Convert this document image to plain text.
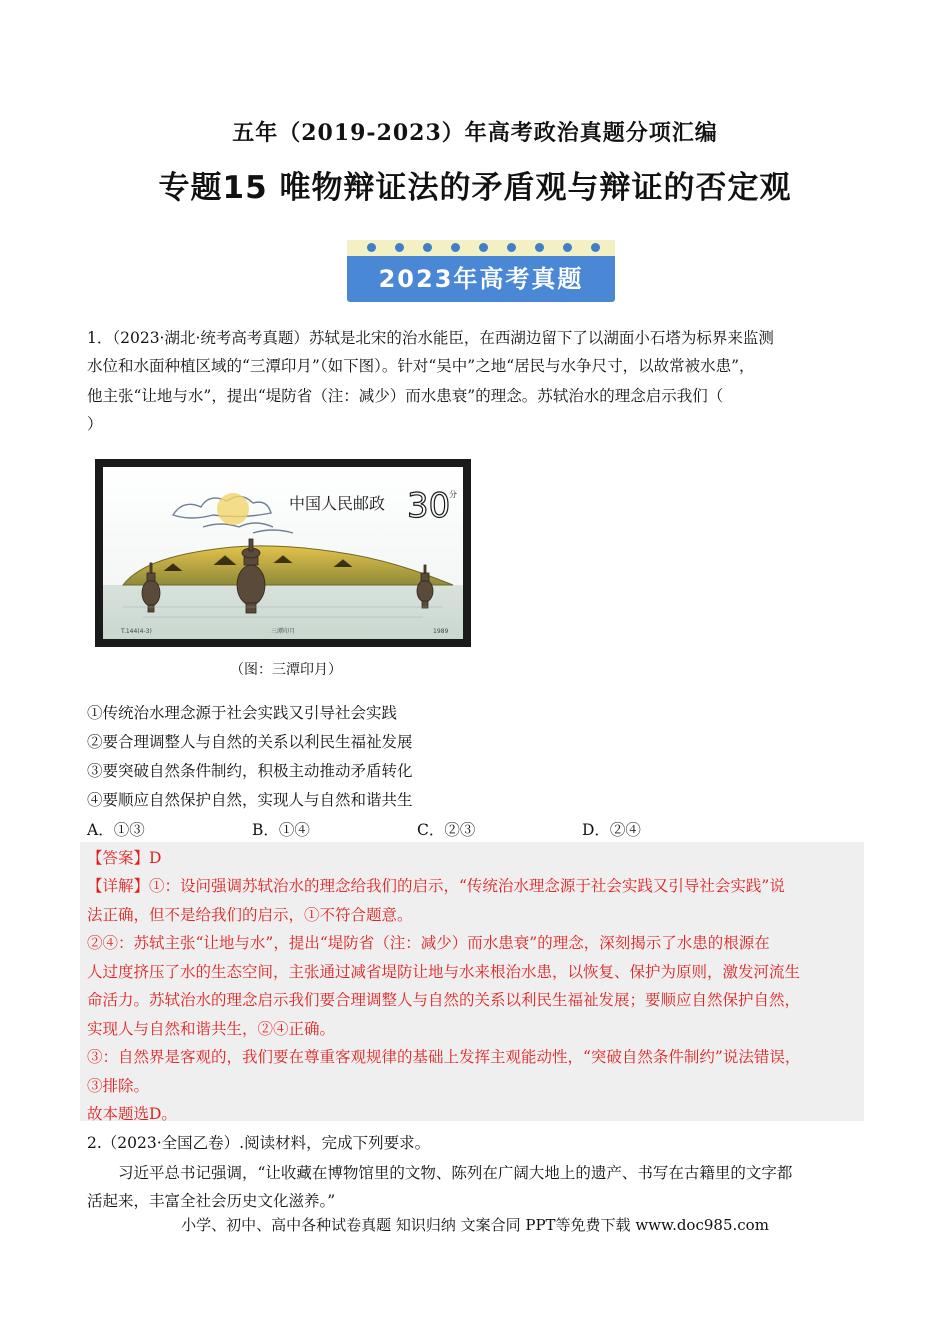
五年（2019-2023）年高考政治真题分项汇编
专题15 唯物辩证法的矛盾观与辩证的否定观
2023年高考真题
1．（2023·湖北·统考高考真题）苏轼是北宋的治水能臣，在西湖边留下了以湖面小石塔为标界来监测
水位和水面种植区域的“三潭印月”（如下图）。针对“吴中”之地“居民与水争尺寸，以故常被水患”，
他主张“让地与水”，提出“堤防省（注：减少）而水患衰”的理念。苏轼治水的理念启示我们（
）
中国人民邮政 30
分
T.144(4-3)	三潭印月	1989
（图：三潭印月）
①传统治水理念源于社会实践又引导社会实践
②要合理调整人与自然的关系以利民生福祉发展
③要突破自然条件制约，积极主动推动矛盾转化
④要顺应自然保护自然，实现人与自然和谐共生
A．①③	B．①④	C．②③	D．②④
【答案】D
【详解】①：设问强调苏轼治水的理念给我们的启示，“传统治水理念源于社会实践又引导社会实践”说
法正确，但不是给我们的启示，①不符合题意。
②④：苏轼主张“让地与水”，提出“堤防省（注：减少）而水患衰”的理念，深刻揭示了水患的根源在
人过度挤压了水的生态空间，主张通过减省堤防让地与水来根治水患，以恢复、保护为原则，激发河流生
命活力。苏轼治水的理念启示我们要合理调整人与自然的关系以利民生福祉发展；要顺应自然保护自然，
实现人与自然和谐共生，②④正确。
③：自然界是客观的，我们要在尊重客观规律的基础上发挥主观能动性，“突破自然条件制约”说法错误，
③排除。
故本题选D。
2.（2023·全国乙卷）.阅读材料，完成下列要求。
习近平总书记强调，“让收藏在博物馆里的文物、陈列在广阔大地上的遗产、书写在古籍里的文字都
活起来，丰富全社会历史文化滋养。”
小学、初中、高中各种试卷真题 知识归纳 文案合同 PPT等免费下载 www.doc985.com
